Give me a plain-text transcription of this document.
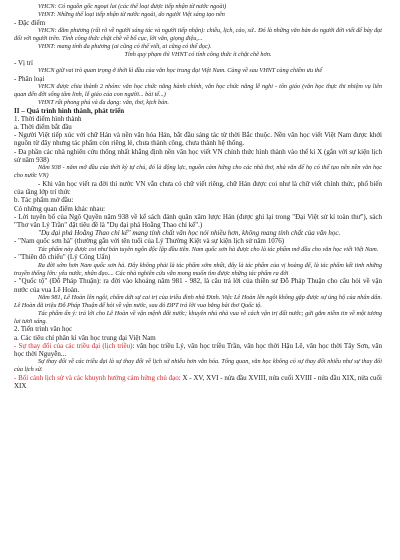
VHCN: Có nguồn gốc ngoại lai (các thể loại được tiếp nhận từ nước ngoài)
VHNT: Những thể loại tiếp nhận từ nước ngoài, do người Việt sáng tạo nên
- Đặc điểm
VHCN: đăm phương (rất rõ về người sáng tác và người tiếp nhận): chiều, lịch, cảo, sử.. Đó là những văn bản do người đời viết để bày đạt đối với người trên. Tính công thức chặt chẽ về bố cục, lời văn, giọng điệu,...
VHNT: mang tính đa phương (ai cũng có thể viết, ai cũng có thể đọc).
Tính quy phạm thì VHNT có tính công thức ít chặt chẽ hơn.
- Vị trí
VHCN giữ vai trò quan trọng ở thời kì đầu của văn học trung đại Việt Nam. Càng về sau VHNT càng chiếm ưu thế
- Phân loại
VHCN được chia thành 2 nhóm: văn học chức năng hành chính, văn học chức năng lễ nghi - tôn giáo (văn học thực thi nhiệm vụ liên quan đến đời sống tâm linh, lễ giáo của con người... bài tế...)
VHNT rất phong phú và đa dạng: văn, thơ, kịch bản.
II – Quá trình hình thành, phát triển
1. Thời điểm hình thành
a. Thời điểm bắt đầu
- Người Việt tiếp xúc với chữ Hán và nền văn hóa Hán, bắt đầu sáng tác từ thời Bắc thuộc. Nền văn học viết Việt Nam được khởi nguồn từ đây nhưng tác phẩm còn riêng lẻ, chưa thành công, chưa thành hệ thống.
- Đa phần các nhà nghiên cứu thống nhất khẳng định nền văn học viết VN chính thức hình thành vào thế kỉ X (gắn với sự kiện lịch sử năm 938)
Năm 938 - năm mở đầu của thời kỳ tự chủ, đó là động lực, nguồn cảm hứng cho các nhà thơ, nhà văn để họ có thể tạo nên nền văn học cho nước VN)
- Khi văn học viết ra đời thì nước VN vẫn chưa có chữ viết riêng, chữ Hán được coi như là chữ viết chính thức, phổ biến của tầng lớp trí thức
b. Tác phẩm mở đầu:
Có những quan điểm khác nhau:
- Lời tuyên bố của Ngô Quyền năm 938 về kể sách đánh quân xâm lược Hán (được ghi lại trong "Đại Việt sử kí toàn thư"), sách "Thơ văn Lý Trần" đặt tiêu đề là "Dụ đại phá Hoằng Thao chỉ kế".)
"Dụ đại phá Hoằng Thao chỉ kế" mang tính chất văn học nói nhiều hơn, không mang tính chất của văn học.
- "Nam quốc sơn hà" (thường gắn với tên tuổi của Lý Thường Kiệt và sự kiện lịch sử năm 1076)
Tác phẩm này được coi như bản tuyên ngôn độc lập đầu tiên. Nam quốc sơn hà được cho là tác phẩm mở đầu cho văn học viết Việt Nam.
- "Thiên đô chiếu" (Lý Công Uẩn)
Ra đời sớm hơn Nam quốc sơn hà. Đây không phải là tác phẩm sớm nhất, đây là tác phẩm của vị hoàng đế, là tác phẩm kết tinh những truyền thống lớn: yêu nước, nhân đạo.... Các nhà nghiên cứu vẫn mong muốn tìm được những tác phẩm ra đời
- "Quốc tộ" (Đỗ Pháp Thuận): ra đời vào khoảng năm 981 - 982, là câu trả lời của thiền sư Đỗ Pháp Thuận cho câu hỏi về vận nước của vua Lê Hoàn.
Năm 981, Lê Hoàn lên ngôi, chấm dứt sự cai trị của triều đình nhà Đinh. Việc Lê Hoàn lên ngôi không gặp được sự ủng hộ của nhân dân. Lê Hoàn đã triệu Đỗ Pháp Thuận để hỏi về vận nước, sau đó ĐPT trả lời vua bằng bài thơ Quốc tộ.
Tác phẩm ấn ý: trả lời cho Lê Hoàn về vận mệnh đất nước; khuyên nhủ nhà vua về cách vận trị đất nước; gửi gắm niềm tin về một tương lai tươi sáng.
2. Tiến trình văn học
a. Các tiêu chí phân kì văn học trung đại Việt Nam
- Sự thay đổi của các triều đại (lịch triều): văn học triều Lý, văn học triều Trần, văn học thời Hậu Lê, văn học thời Tây Sơn, văn học thời Nguyễn...
Sự thay đổi về các triều đại là sự thay đổi về lịch sử nhiều hơn văn hóa. Tổng quan, văn học không có sự thay đổi nhiều như sự thay đổi của lịch sử.
- Bối cảnh lịch sử và các khuynh hướng cảm hứng chủ đạo: X - XV, XVI - nửa đầu XVIII, nửa cuối XVIII - nửa đầu XIX, nửa cuối XIX
